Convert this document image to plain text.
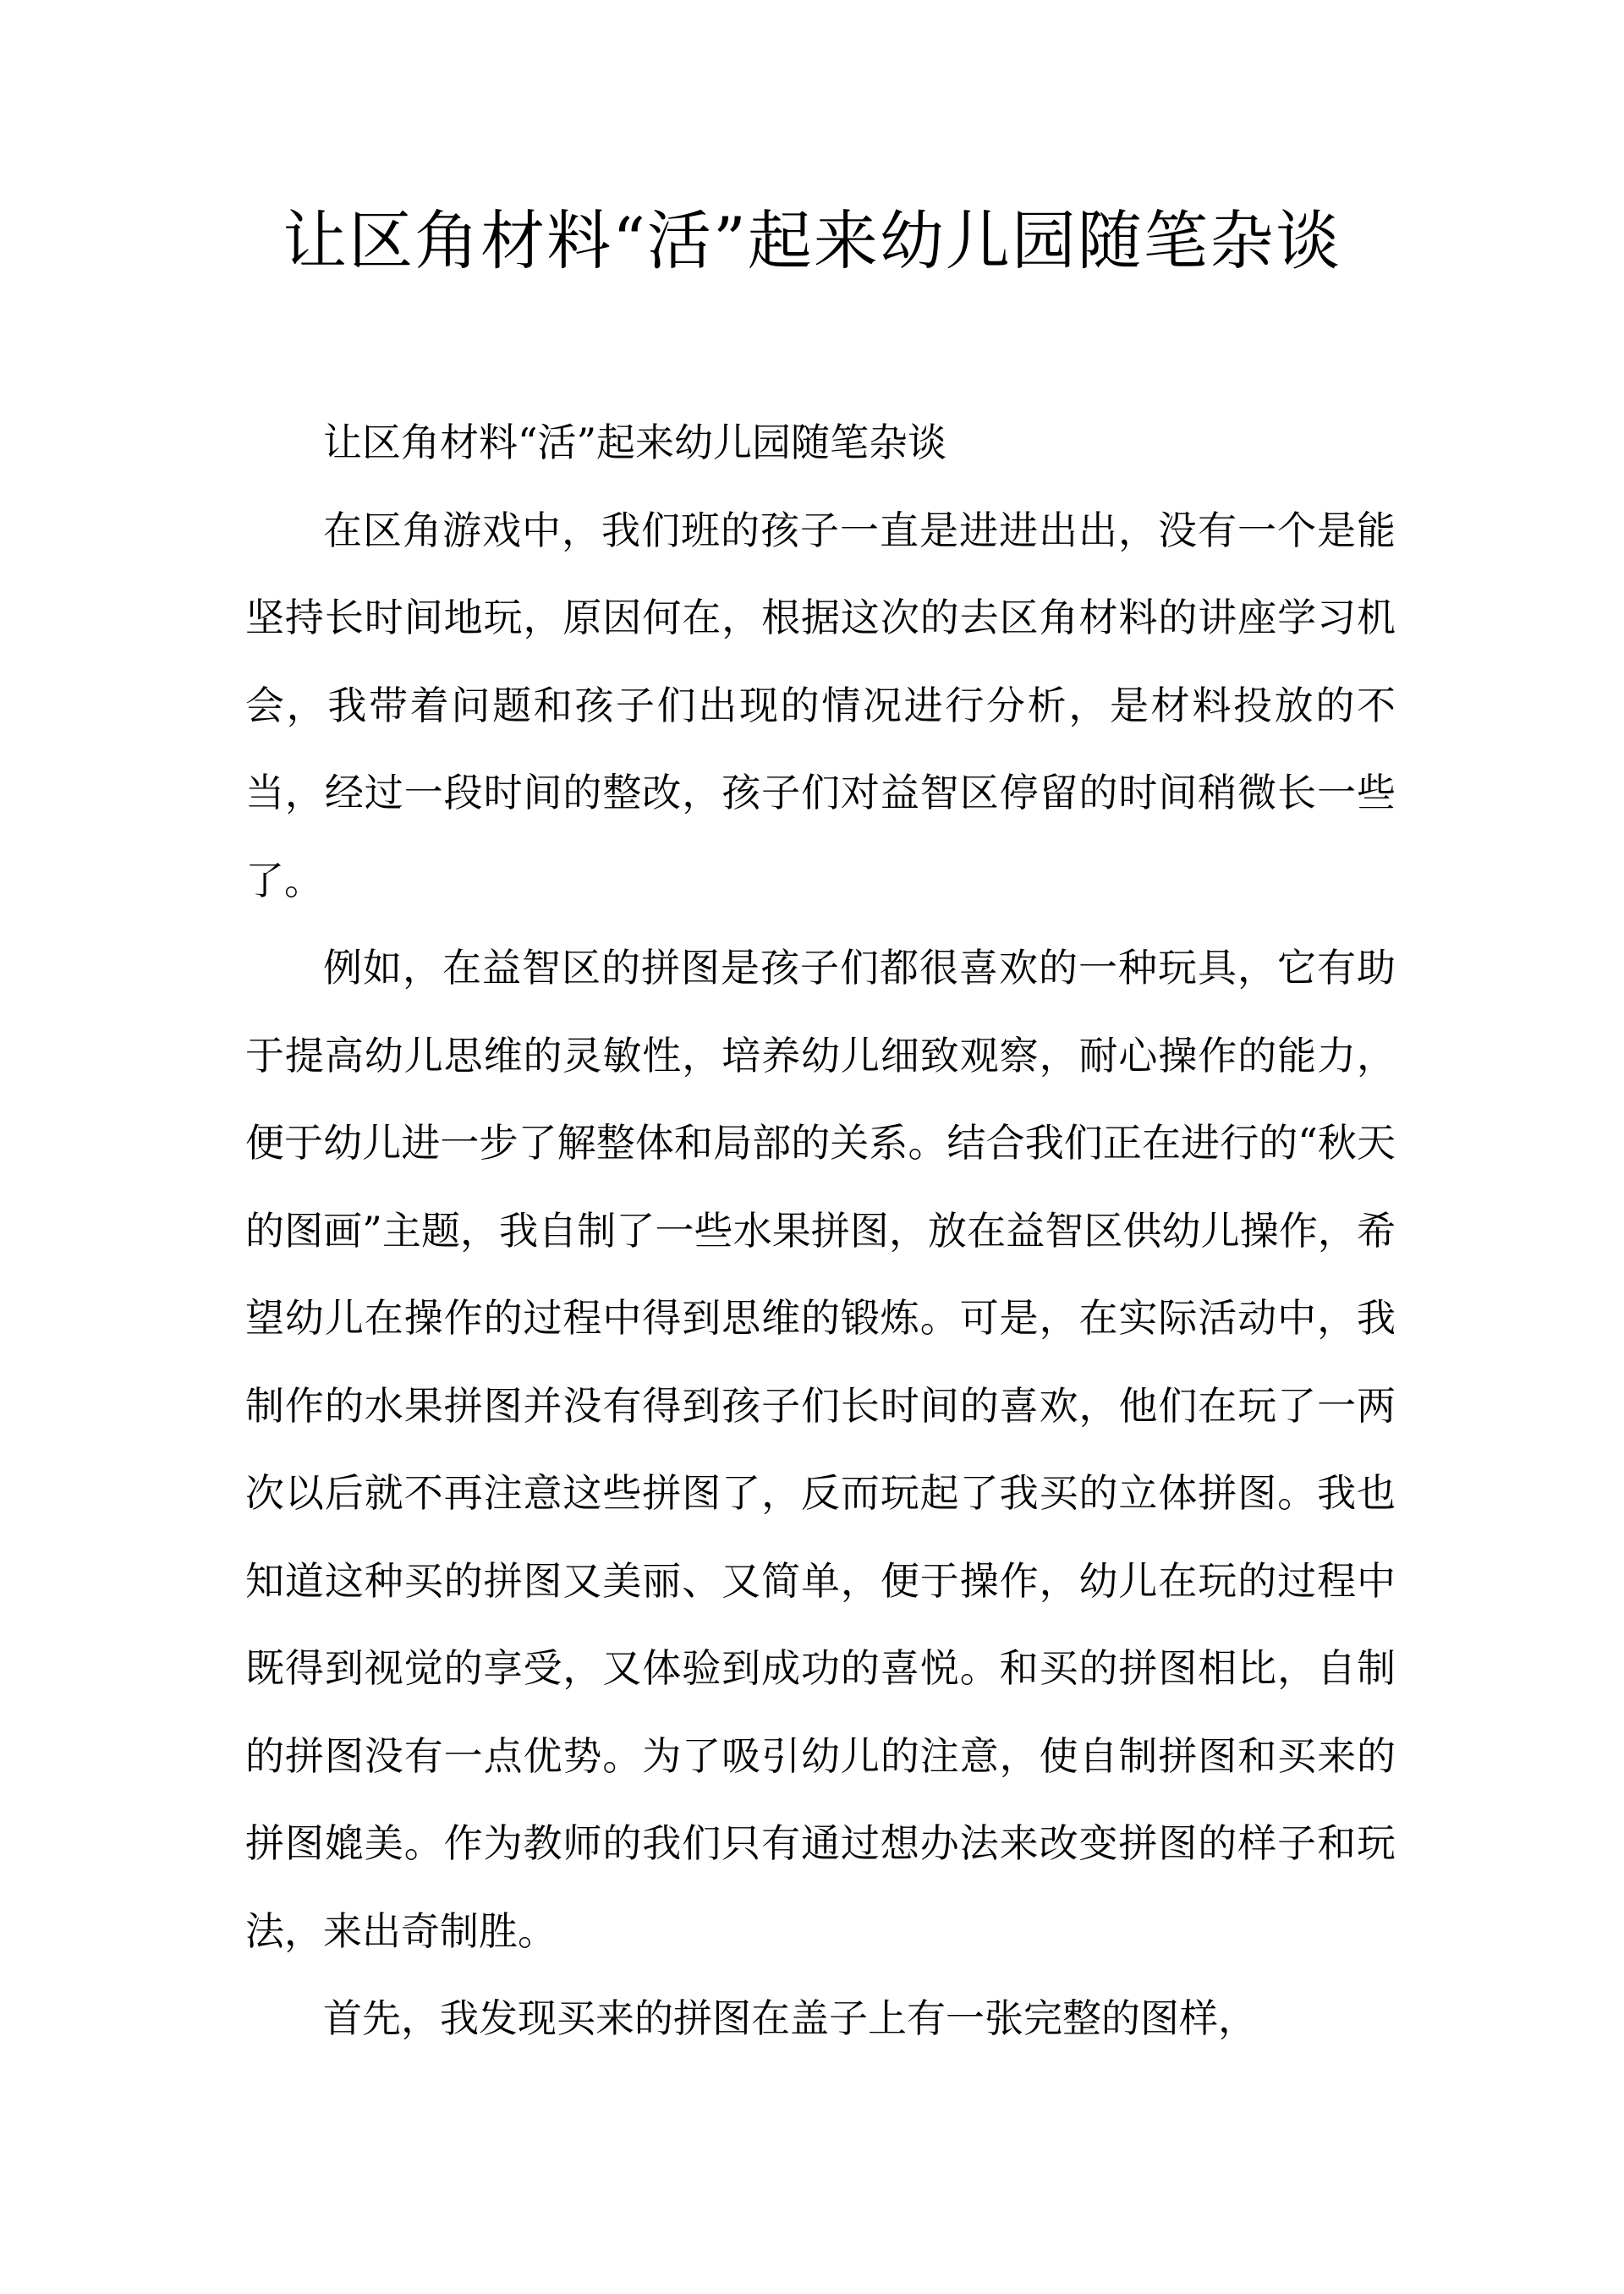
让区角材料“活”起来幼儿园随笔杂谈

让区角材料“活”起来幼儿园随笔杂谈

在区角游戏中，我们班的孩子一直是进进出出，没有一个是能坚持长时间地玩，原因何在，根据这次的去区角材料的讲座学习机会，我带着问题和孩子们出现的情况进行分析，是材料投放的不当，经过一段时间的整改，孩子们对益智区停留的时间稍微长一些了。

例如，在益智区的拼图是孩子们都很喜欢的一种玩具，它有助于提高幼儿思维的灵敏性，培养幼儿细致观察，耐心操作的能力，便于幼儿进一步了解整体和局部的关系。结合我们正在进行的“秋天的图画”主题，我自制了一些水果拼图，放在益智区供幼儿操作，希望幼儿在操作的过程中得到思维的锻炼。可是，在实际活动中，我制作的水果拼图并没有得到孩子们长时间的喜欢，他们在玩了一两次以后就不再注意这些拼图了，反而玩起了我买的立体拼图。我也知道这种买的拼图又美丽、又简单，便于操作，幼儿在玩的过程中既得到视觉的享受，又体验到成功的喜悦。和买的拼图相比，自制的拼图没有一点优势。为了吸引幼儿的注意，使自制拼图和买来的拼图媲美。作为教师的我们只有通过想办法来改变拼图的样子和玩法，来出奇制胜。

首先，我发现买来的拼图在盖子上有一张完整的图样，
